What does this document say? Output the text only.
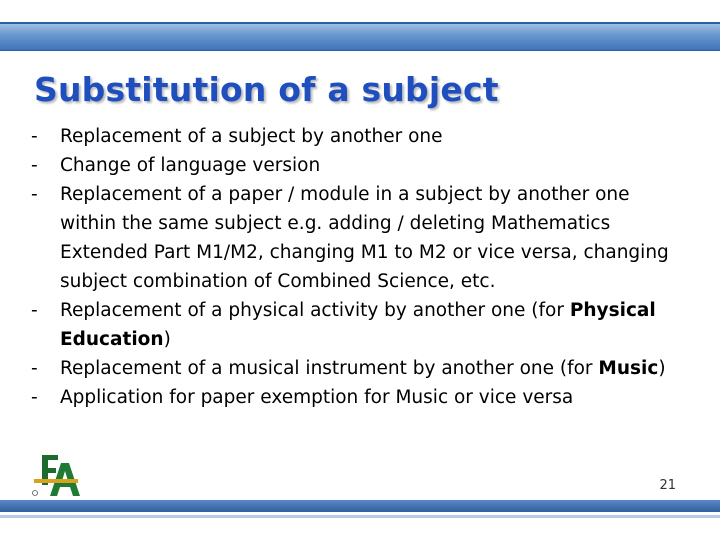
Substitution of a subject
- Replacement of a subject by another one
- Change of language version
- Replacement of a paper / module in a subject by another one within the same subject e.g. adding / deleting Mathematics Extended Part M1/M2, changing M1 to M2 or vice versa, changing subject combination of Combined Science, etc.
- Replacement of a physical activity by another one (for Physical Education)
- Replacement of a musical instrument by another one (for Music)
- Application for paper exemption for Music or vice versa
21
